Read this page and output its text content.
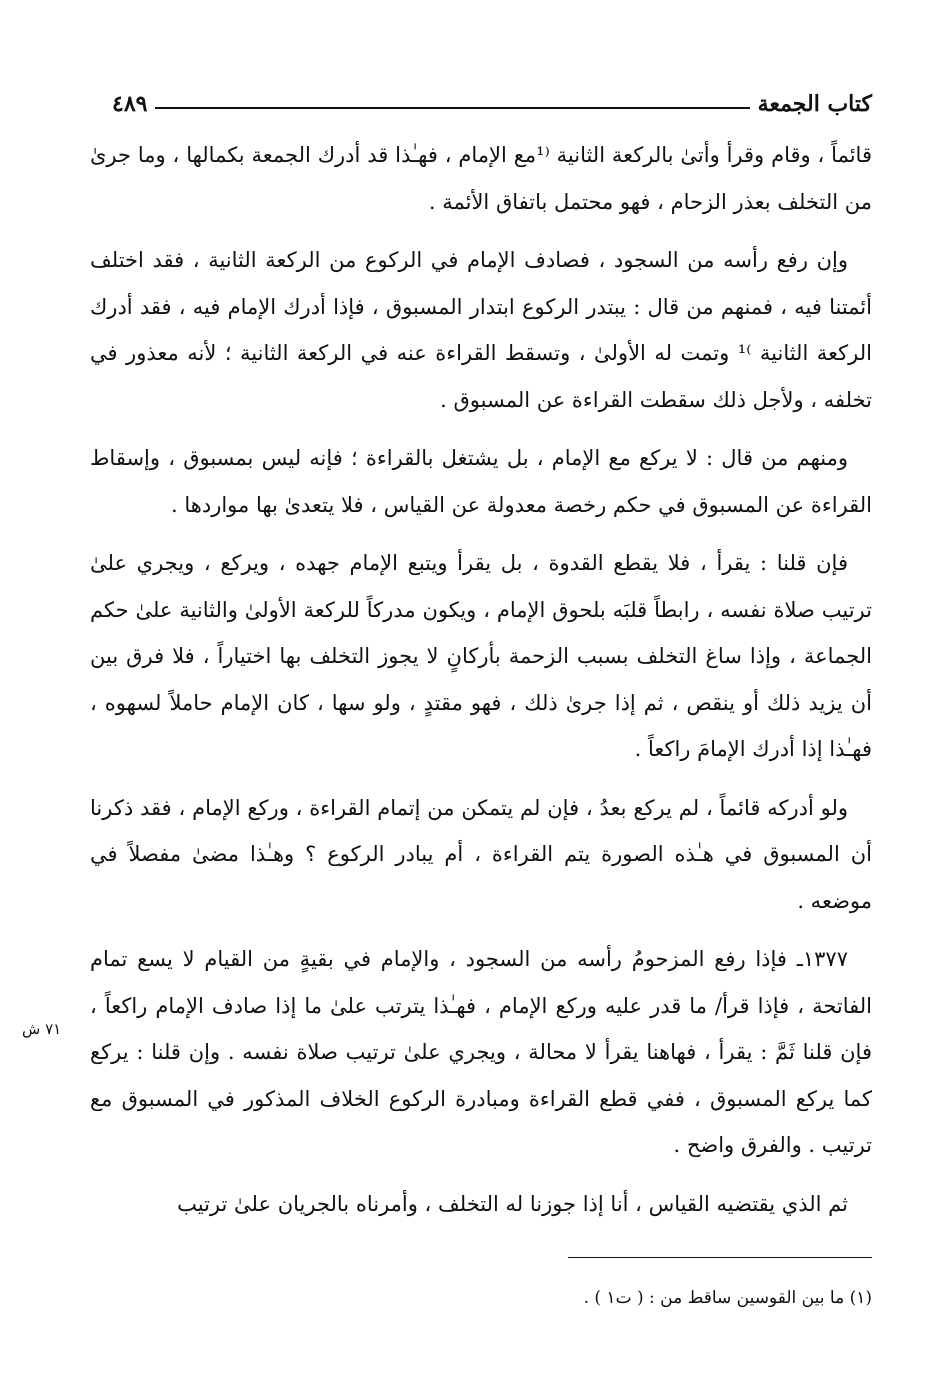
كتاب الجمعة
٤٨٩

قائماً ، وقام وقرأ وأتىٰ بالركعة الثانية ⁽¹مع الإمام ، فهـٰذا قد أدرك الجمعة بكمالها ، وما جرىٰ من التخلف بعذر الزحام ، فهو محتمل باتفاق الأئمة .

وإن رفع رأسه من السجود ، فصادف الإمام في الركوع من الركعة الثانية ، فقد اختلف أئمتنا فيه ، فمنهم من قال : يبتدر الركوع ابتدار المسبوق ، فإذا أدرك الإمام فيه ، فقد أدرك الركعة الثانية ⁾¹ وتمت له الأولىٰ ، وتسقط القراءة عنه في الركعة الثانية ؛ لأنه معذور في تخلفه ، ولأجل ذلك سقطت القراءة عن المسبوق .

ومنهم من قال : لا يركع مع الإمام ، بل يشتغل بالقراءة ؛ فإنه ليس بمسبوق ، وإسقاط القراءة عن المسبوق في حكم رخصة معدولة عن القياس ، فلا يتعدىٰ بها مواردها .

فإن قلنا : يقرأ ، فلا يقطع القدوة ، بل يقرأ ويتبع الإمام جهده ، ويركع ، ويجري علىٰ ترتيب صلاة نفسه ، رابطاً قلبَه بلحوق الإمام ، ويكون مدركاً للركعة الأولىٰ والثانية علىٰ حكم الجماعة ، وإذا ساغ التخلف بسبب الزحمة بأركانٍ لا يجوز التخلف بها اختياراً ، فلا فرق بين أن يزيد ذلك أو ينقص ، ثم إذا جرىٰ ذلك ، فهو مقتدٍ ، ولو سها ، كان الإمام حاملاً لسهوه ، فهـٰذا إذا أدرك الإمامَ راكعاً .

ولو أدركه قائماً ، لم يركع بعدُ ، فإن لم يتمكن من إتمام القراءة ، وركع الإمام ، فقد ذكرنا أن المسبوق في هـٰذه الصورة يتم القراءة ، أم يبادر الركوع ؟ وهـٰذا مضىٰ مفصلاً في موضعه .

١٣٧٧ـ فإذا رفع المزحومُ رأسه من السجود ، والإمام في بقيةٍ من القيام لا يسع تمام الفاتحة ، فإذا قرأ/ ما قدر عليه وركع الإمام ، فهـٰذا يترتب علىٰ ما إذا صادف الإمام راكعاً ، فإن قلنا ثَمَّ : يقرأ ، فهاهنا يقرأ لا محالة ، ويجري علىٰ ترتيب صلاة نفسه . وإن قلنا : يركع كما يركع المسبوق ، ففي قطع القراءة ومبادرة الركوع الخلاف المذكور في المسبوق مع ترتيب . والفرق واضح .

ثم الذي يقتضيه القياس ، أنا إذا جوزنا له التخلف ، وأمرناه بالجريان علىٰ ترتيب

٧١ ش
(١) ما بين القوسين ساقط من : ( ت١ ) .
